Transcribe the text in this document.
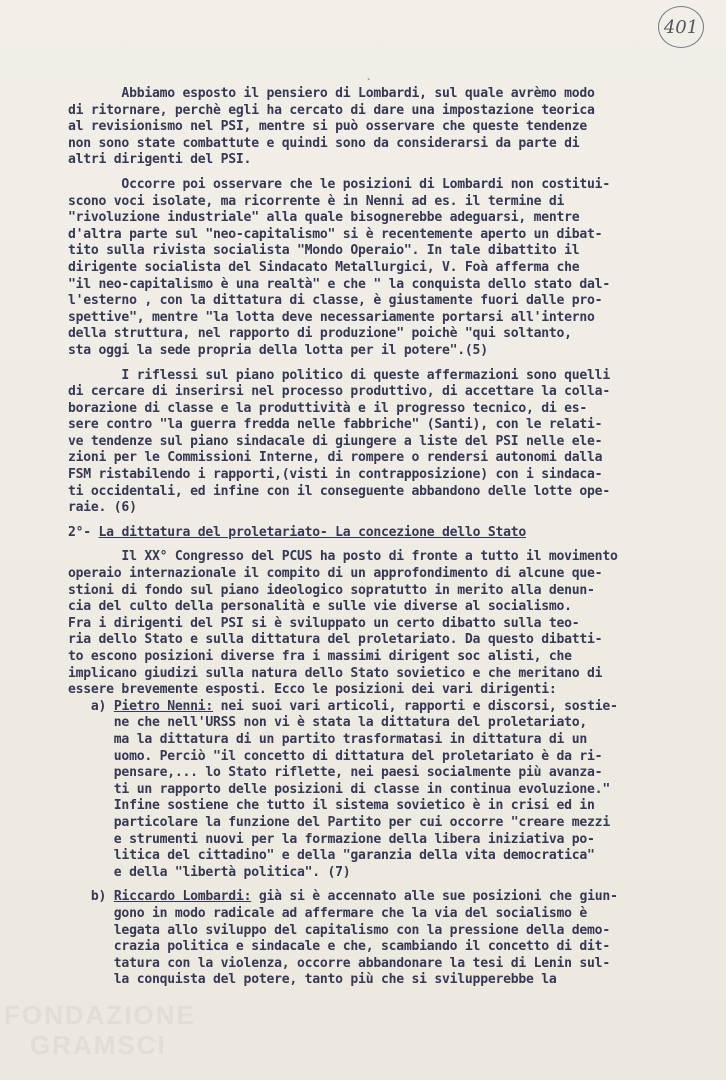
401
`
Abbiamo esposto il pensiero di Lombardi, sul quale avrèmo modo
di ritornare, perchè egli ha cercato di dare una impostazione teorica
al revisionismo nel PSI, mentre si può osservare che queste tendenze
non sono state combattute e quindi sono da considerarsi da parte di
altri dirigenti del PSI.
Occorre poi osservare che le posizioni di Lombardi non costitui-
scono voci isolate, ma ricorrente è in Nenni ad es. il termine di
"rivoluzione industriale" alla quale bisognerebbe adeguarsi, mentre
d'altra parte sul "neo-capitalismo" si è recentemente aperto un dibat-
tito sulla rivista socialista "Mondo Operaio". In tale dibattito il
dirigente socialista del Sindacato Metallurgici, V. Foà afferma che
"il neo-capitalismo è una realtà" e che " la conquista dello stato dal-
l'esterno , con la dittatura di classe, è giustamente fuori dalle pro-
spettive", mentre "la lotta deve necessariamente portarsi all'interno
della struttura, nel rapporto di produzione" poichè "qui soltanto,
sta oggi la sede propria della lotta per il potere".(5)
I riflessi sul piano politico di queste affermazioni sono quelli
di cercare di inserirsi nel processo produttivo, di accettare la colla-
borazione di classe e la produttività e il progresso tecnico, di es-
sere contro "la guerra fredda nelle fabbriche" (Santi), con le relati-
ve tendenze sul piano sindacale di giungere a liste del PSI nelle ele-
zioni per le Commissioni Interne, di rompere o rendersi autonomi dalla
FSM ristabilendo i rapporti,(visti in contrapposizione) con i sindaca-
ti occidentali, ed infine con il conseguente abbandono delle lotte ope-
raie. (6)
2°- La dittatura del proletariato- La concezione dello Stato
Il XX° Congresso del PCUS ha posto di fronte a tutto il movimento
operaio internazionale il compito di un approfondimento di alcune que-
stioni di fondo sul piano ideologico sopratutto in merito alla denun-
cia del culto della personalità e sulle vie diverse al socialismo.
Fra i dirigenti del PSI si è sviluppato un certo dibatto sulla teo-
ria dello Stato e sulla dittatura del proletariato. Da questo dibatti-
to escono posizioni diverse fra i massimi dirigent soc alisti, che
implicano giudizi sulla natura dello Stato sovietico e che meritano di
essere brevemente esposti. Ecco le posizioni dei vari dirigenti:
a) Pietro Nenni: nei suoi vari articoli, rapporti e discorsi, sostie-
ne che nell'URSS non vi è stata la dittatura del proletariato,
ma la dittatura di un partito trasformatasi in dittatura di un
uomo. Perciò "il concetto di dittatura del proletariato è da ri-
pensare,... lo Stato riflette, nei paesi socialmente più avanza-
ti un rapporto delle posizioni di classe in continua evoluzione."
Infine sostiene che tutto il sistema sovietico è in crisi ed in
particolare la funzione del Partito per cui occorre "creare mezzi
e strumenti nuovi per la formazione della libera iniziativa po-
litica del cittadino" e della "garanzia della vita democratica"
e della "libertà politica". (7)
b) Riccardo Lombardi: già si è accennato alle sue posizioni che giun-
gono in modo radicale ad affermare che la via del socialismo è
legata allo sviluppo del capitalismo con la pressione della demo-
crazia politica e sindacale e che, scambiando il concetto di dit-
tatura con la violenza, occorre abbandonare la tesi di Lenin sul-
la conquista del potere, tanto più che si svilupperebbe la
FONDAZIONE
GRAMSCI
